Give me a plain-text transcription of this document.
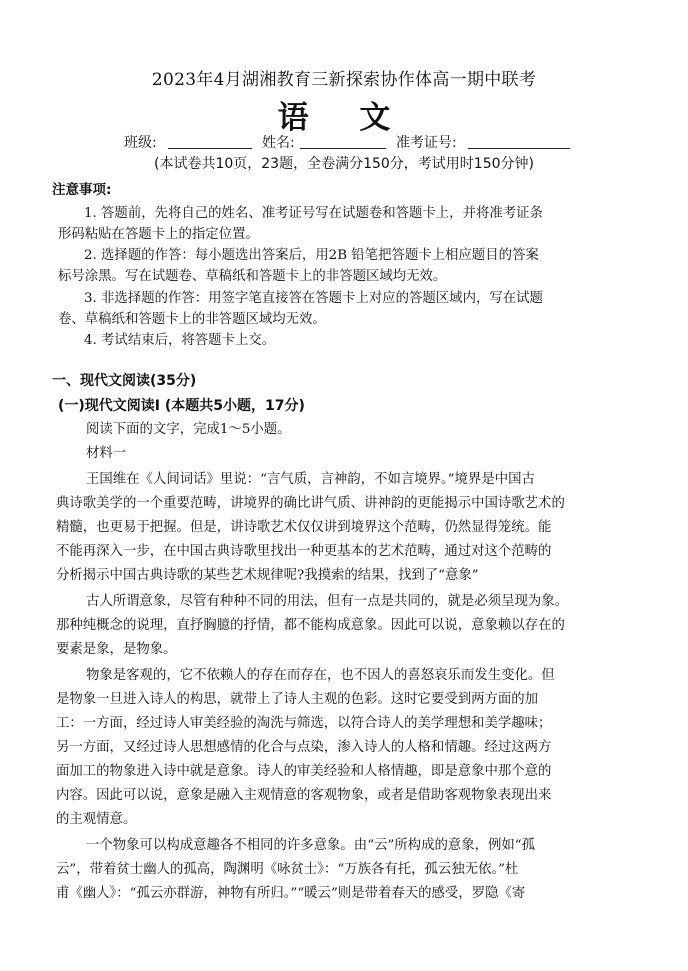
2023年4月湖湘教育三新探索协作体高一期中联考
语 文
班级:	姓名:	准考证号:
(本试卷共10页，23题，全卷满分150分，考试用时150分钟)
注意事项:
1. 答题前，先将自己的姓名、准考证号写在试题卷和答题卡上，并将准考证条
形码粘贴在答题卡上的指定位置。
2. 选择题的作答：每小题选出答案后，用2B 铅笔把答题卡上相应题目的答案
标号涂黑。写在试题卷、草稿纸和答题卡上的非答题区域均无效。
3. 非选择题的作答：用签字笔直接答在答题卡上对应的答题区域内，写在试题
卷、草稿纸和答题卡上的非答题区域均无效。
4. 考试结束后，将答题卡上交。
一、现代文阅读(35分)
(一)现代文阅读Ⅰ (本题共5小题，17分)
阅读下面的文字，完成1～5小题。
材料一
王国维在《人间词话》里说：“言气质，言神韵，不如言境界。”境界是中国古
典诗歌美学的一个重要范畴，讲境界的确比讲气质、讲神韵的更能揭示中国诗歌艺术的
精髓，也更易于把握。但是，讲诗歌艺术仅仅讲到境界这个范畴，仍然显得笼统。能
不能再深入一步，在中国古典诗歌里找出一种更基本的艺术范畴，通过对这个范畴的
分析揭示中国古典诗歌的某些艺术规律呢?我摸索的结果，找到了“意象”
古人所谓意象，尽管有种种不同的用法，但有一点是共同的，就是必须呈现为象。
那种纯概念的说理，直抒胸臆的抒情，都不能构成意象。因此可以说，意象赖以存在的
要素是象，是物象。
物象是客观的，它不依赖人的存在而存在，也不因人的喜怒哀乐而发生变化。但
是物象一旦进入诗人的构思，就带上了诗人主观的色彩。这时它要受到两方面的加
工：一方面，经过诗人审美经验的淘洗与筛选，以符合诗人的美学理想和美学趣味；
另一方面，又经过诗人思想感情的化合与点染，渗入诗人的人格和情趣。经过这两方
面加工的物象进入诗中就是意象。诗人的审美经验和人格情趣，即是意象中那个意的
内容。因此可以说，意象是融入主观情意的客观物象，或者是借助客观物象表现出来
的主观情意。
一个物象可以构成意趣各不相同的许多意象。由“云”所构成的意象，例如“孤
云”，带着贫士幽人的孤高，陶渊明《咏贫士》：“万族各有托，孤云独无依。”杜
甫《幽人》：“孤云亦群游，神物有所归。”“暖云”则是带着春天的感受，罗隐《寄
